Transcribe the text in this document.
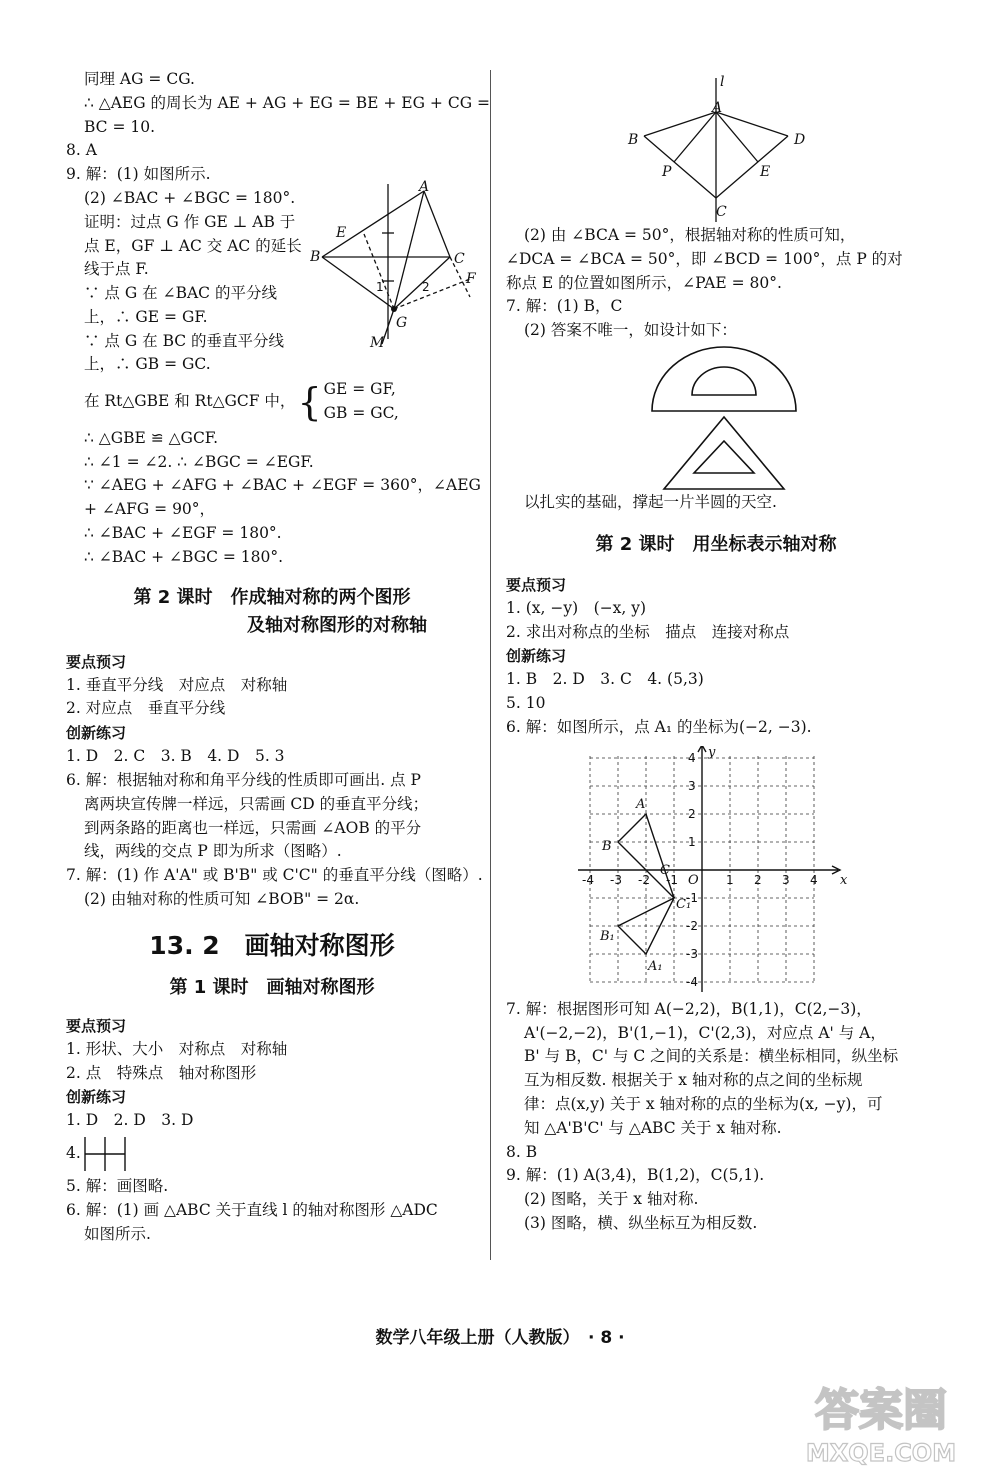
同理 AG = CG.
∴ △AEG 的周长为 AE + AG + EG = BE + EG + CG =
BC = 10.
8. A
9. 解：(1) 如图所示.
(2) ∠BAC + ∠BGC = 180°.
证明：过点 G 作 GE ⊥ AB 于
点 E，GF ⊥ AC 交 AC 的延长
线于点 F.
∵ 点 G 在 ∠BAC 的平分线
上，∴ GE = GF.
∵ 点 G 在 BC 的垂直平分线
A
B	C
E
F
G
M
1	2
上，∴ GB = GC.
在 Rt△GBE 和 Rt△GCF 中， { GE = GF,
GB = GC,
∴ △GBE ≌ △GCF.
∴ ∠1 = ∠2. ∴ ∠BGC = ∠EGF.
∵ ∠AEG + ∠AFG + ∠BAC + ∠EGF = 360°，∠AEG
+ ∠AFG = 90°，
∴ ∠BAC + ∠EGF = 180°.
∴ ∠BAC + ∠BGC = 180°.
第 2 课时　作成轴对称的两个图形
及轴对称图形的对称轴
要点预习
1. 垂直平分线　对应点　对称轴
2. 对应点　垂直平分线
创新练习
1. D　2. C　3. B　4. D　5. 3
6. 解：根据轴对称和角平分线的性质即可画出. 点 P
离两块宣传牌一样远，只需画 CD 的垂直平分线；
到两条路的距离也一样远，只需画 ∠AOB 的平分
线，两线的交点 P 即为所求（图略）.
7. 解：(1) 作 A'A" 或 B'B" 或 C'C" 的垂直平分线（图略）.
(2) 由轴对称的性质可知 ∠BOB" = 2α.
13. 2　画轴对称图形
第 1 课时　画轴对称图形
要点预习
1. 形状、大小　对称点　对称轴
2. 点　特殊点　轴对称图形
创新练习
1. D　2. D　3. D
4.
5. 解：画图略.
6. 解：(1) 画 △ABC 关于直线 l 的轴对称图形 △ADC
如图所示.
l
A
B	D
P	E
C
(2) 由 ∠BCA = 50°，根据轴对称的性质可知，
∠DCA = ∠BCA = 50°，即 ∠BCD = 100°，点 P 的对
称点 E 的位置如图所示，∠PAE = 80°.
7. 解：(1) B，C
(2) 答案不唯一，如设计如下：
以扎实的基础，撑起一片半圆的天空.
第 2 课时　用坐标表示轴对称
要点预习
1. (x, −y)　(−x, y)
2. 求出对称点的坐标　描点　连接对称点
创新练习
1. B　2. D　3. C　4. (5,3)
5. 10
6. 解：如图所示，点 A₁ 的坐标为(−2, −3).
y
x
O
A
B
C
A₁
B₁
C₁
-4 -3 -2 -1	1 2 3 4
4
3
2
1
-1
-2
-3
-4
7. 解：根据图形可知 A(−2,2)，B(1,1)，C(2,−3)，
A'(−2,−2)，B'(1,−1)，C'(2,3)，对应点 A' 与 A，
B' 与 B，C' 与 C 之间的关系是：横坐标相同，纵坐标
互为相反数. 根据关于 x 轴对称的点之间的坐标规
律：点(x,y) 关于 x 轴对称的点的坐标为(x, −y)，可
知 △A'B'C' 与 △ABC 关于 x 轴对称.
8. B
9. 解：(1) A(3,4)，B(1,2)，C(5,1).
(2) 图略，关于 x 轴对称.
(3) 图略，横、纵坐标互为相反数.
数学八年级上册（人教版）　· 8 ·
答案圈
MXQE.COM
